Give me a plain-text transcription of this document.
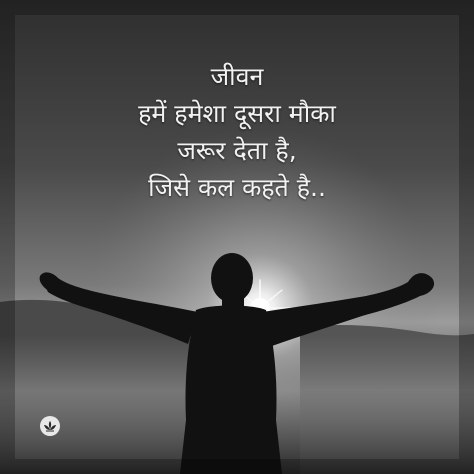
जीवन
हमें हमेशा दूसरा मौका
जरूर देता है,
जिसे कल कहते है..
